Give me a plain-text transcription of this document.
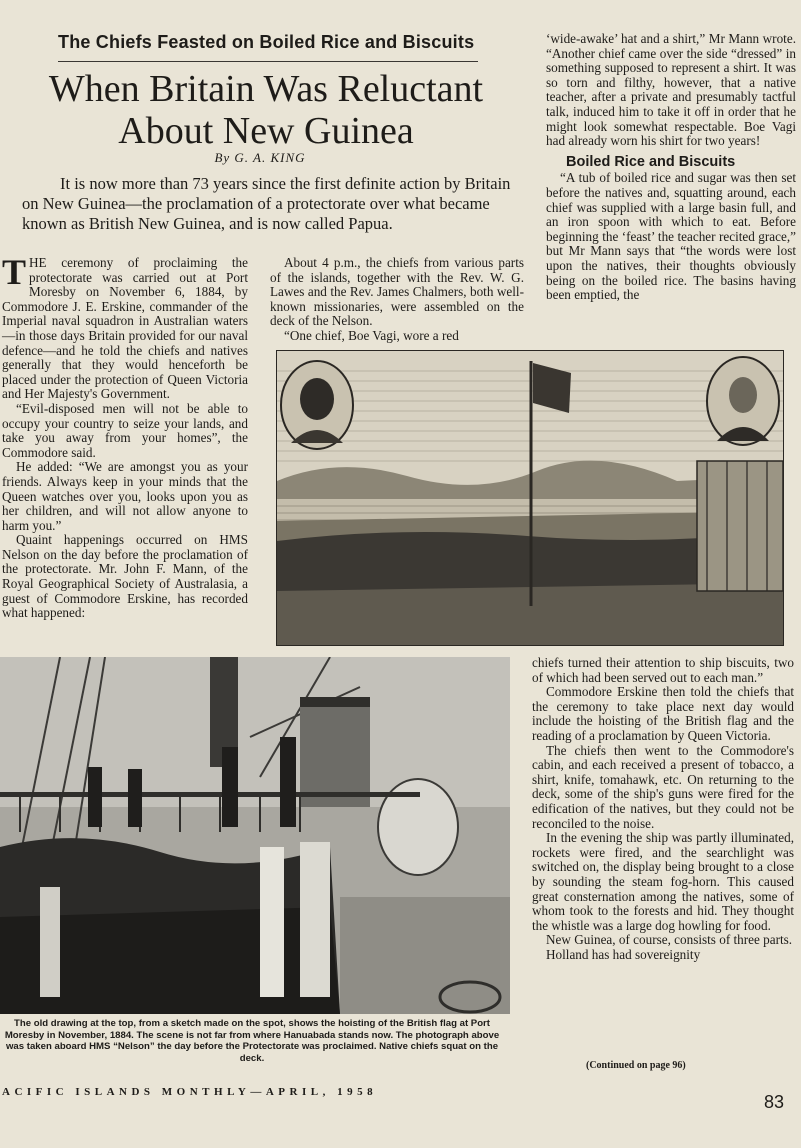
The Chiefs Feasted on Boiled Rice and Biscuits
When Britain Was Reluctant
About New Guinea
By G. A. KING
It is now more than 73 years since the first definite action by Britain on New Guinea—the proclamation of a protectorate over what became known as British New Guinea, and is now called Papua.

THE ceremony of proclaiming the protectorate was carried out at Port Moresby on November 6, 1884, by Commodore J. E. Erskine, commander of the Imperial naval squadron in Australian waters—in those days Britain provided for our naval defence—and he told the chiefs and natives generally that they would henceforth be placed under the protection of Queen Victoria and Her Majesty's Government.

“Evil-disposed men will not be able to occupy your country to seize your lands, and take you away from your homes”, the Commodore said.

He added: “We are amongst you as your friends. Always keep in your minds that the Queen watches over you, looks upon you as her children, and will not allow anyone to harm you.”

Quaint happenings occurred on HMS Nelson on the day before the proclamation of the protectorate. Mr. John F. Mann, of the Royal Geographical Society of Australasia, a guest of Commodore Erskine, has recorded what happened:

About 4 p.m., the chiefs from various parts of the islands, together with the Rev. W. G. Lawes and the Rev. James Chalmers, both well-known missionaries, were assembled on the deck of the Nelson.

“One chief, Boe Vagi, wore a red

‘wide-awake’ hat and a shirt,” Mr Mann wrote. “Another chief came over the side “dressed” in something supposed to represent a shirt. It was so torn and filthy, however, that a native teacher, after a private and presumably tactful talk, induced him to take it off in order that he might look somewhat respectable. Boe Vagi had already worn his shirt for two years!

Boiled Rice and Biscuits

“A tub of boiled rice and sugar was then set before the natives and, squatting around, each chief was supplied with a large basin full, and an iron spoon with which to eat. Before beginning the ‘feast’ the teacher recited grace,” but Mr Mann says that “the words were lost upon the natives, their thoughts obviously being on the boiled rice. The basins having been emptied, the

chiefs turned their attention to ship biscuits, two of which had been served out to each man.”

Commodore Erskine then told the chiefs that the ceremony to take place next day would include the hoisting of the British flag and the reading of a proclamation by Queen Victoria.

The chiefs then went to the Commodore's cabin, and each received a present of tobacco, a shirt, knife, tomahawk, etc. On returning to the deck, some of the ship's guns were fired for the edification of the natives, but they could not be reconciled to the noise.

In the evening the ship was partly illuminated, rockets were fired, and the searchlight was switched on, the display being brought to a close by sounding the steam fog-horn. This caused great consternation among the natives, some of whom took to the forests and hid. They thought the whistle was a large dog howling for food.

New Guinea, of course, consists of three parts.

Holland has had sovereignity

(Continued on page 96)
The old drawing at the top, from a sketch made on the spot, shows the hoisting of the British flag at Port Moresby in November, 1884. The scene is not far from where Hanuabada stands now. The photograph above was taken aboard HMS “Nelson” the day before the Protectorate was proclaimed. Native chiefs squat on the deck.
ACIFIC ISLANDS MONTHLY—APRIL, 1958	83
